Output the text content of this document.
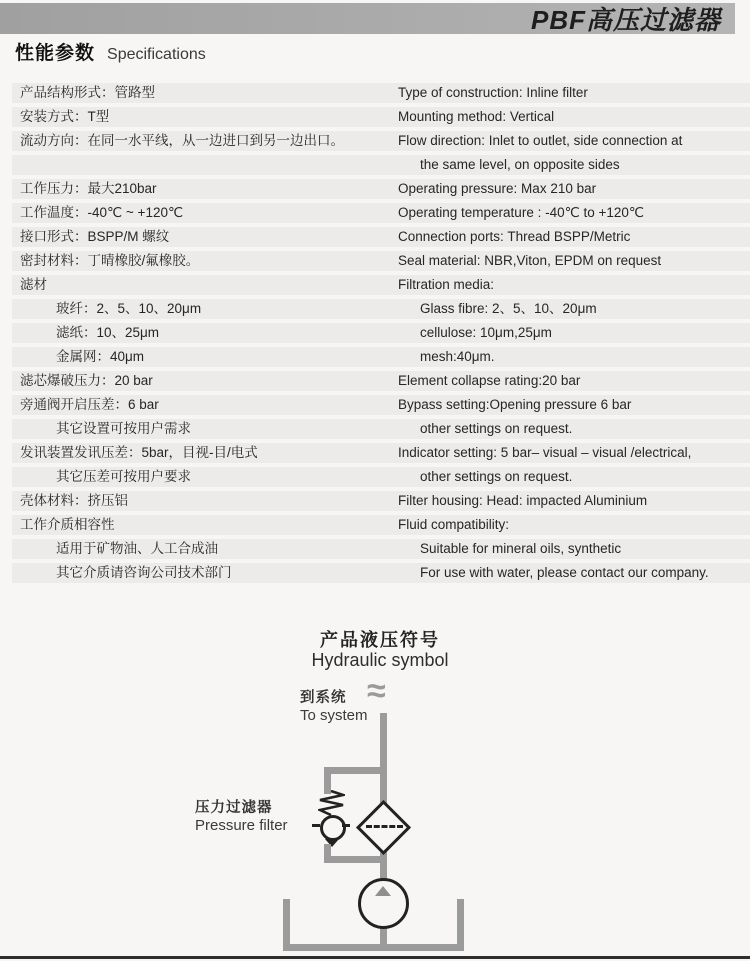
PBF高压过滤器
性能参数 Specifications
产品结构形式：管路型	Type of construction: Inline filter
安装方式：T型	Mounting method: Vertical
流动方向：在同一水平线，从一边进口到另一边出口。	Flow direction: Inlet to outlet, side connection at
the same level, on opposite sides
工作压力：最大210bar	Operating pressure: Max 210 bar
工作温度：-40℃ ~ +120℃	Operating temperature : -40℃ to +120℃
接口形式：BSPP/M 螺纹	Connection ports: Thread BSPP/Metric
密封材料：丁晴橡胶/氟橡胶。	Seal material: NBR,Viton, EPDM on request
滤材	Filtration media:
玻纤：2、5、10、20μm	Glass fibre: 2、5、10、20μm
滤纸：10、25μm	cellulose: 10μm,25μm
金属网：40μm	mesh:40μm.
滤芯爆破压力：20 bar	Element collapse rating:20 bar
旁通阀开启压差：6 bar	Bypass setting:Opening pressure 6 bar
其它设置可按用户需求	other settings on request.
发讯装置发讯压差：5bar，目视-目/电式	Indicator setting: 5 bar– visual – visual /electrical,
其它压差可按用户要求	other settings on request.
壳体材料：挤压铝	Filter housing: Head: impacted Aluminium
工作介质相容性	Fluid compatibility:
适用于矿物油、人工合成油	Suitable for mineral oils, synthetic
其它介质请咨询公司技术部门	For use with water, please contact our company.
产品液压符号
Hydraulic symbol
到系统
To system
≈
压力过滤器
Pressure filter
